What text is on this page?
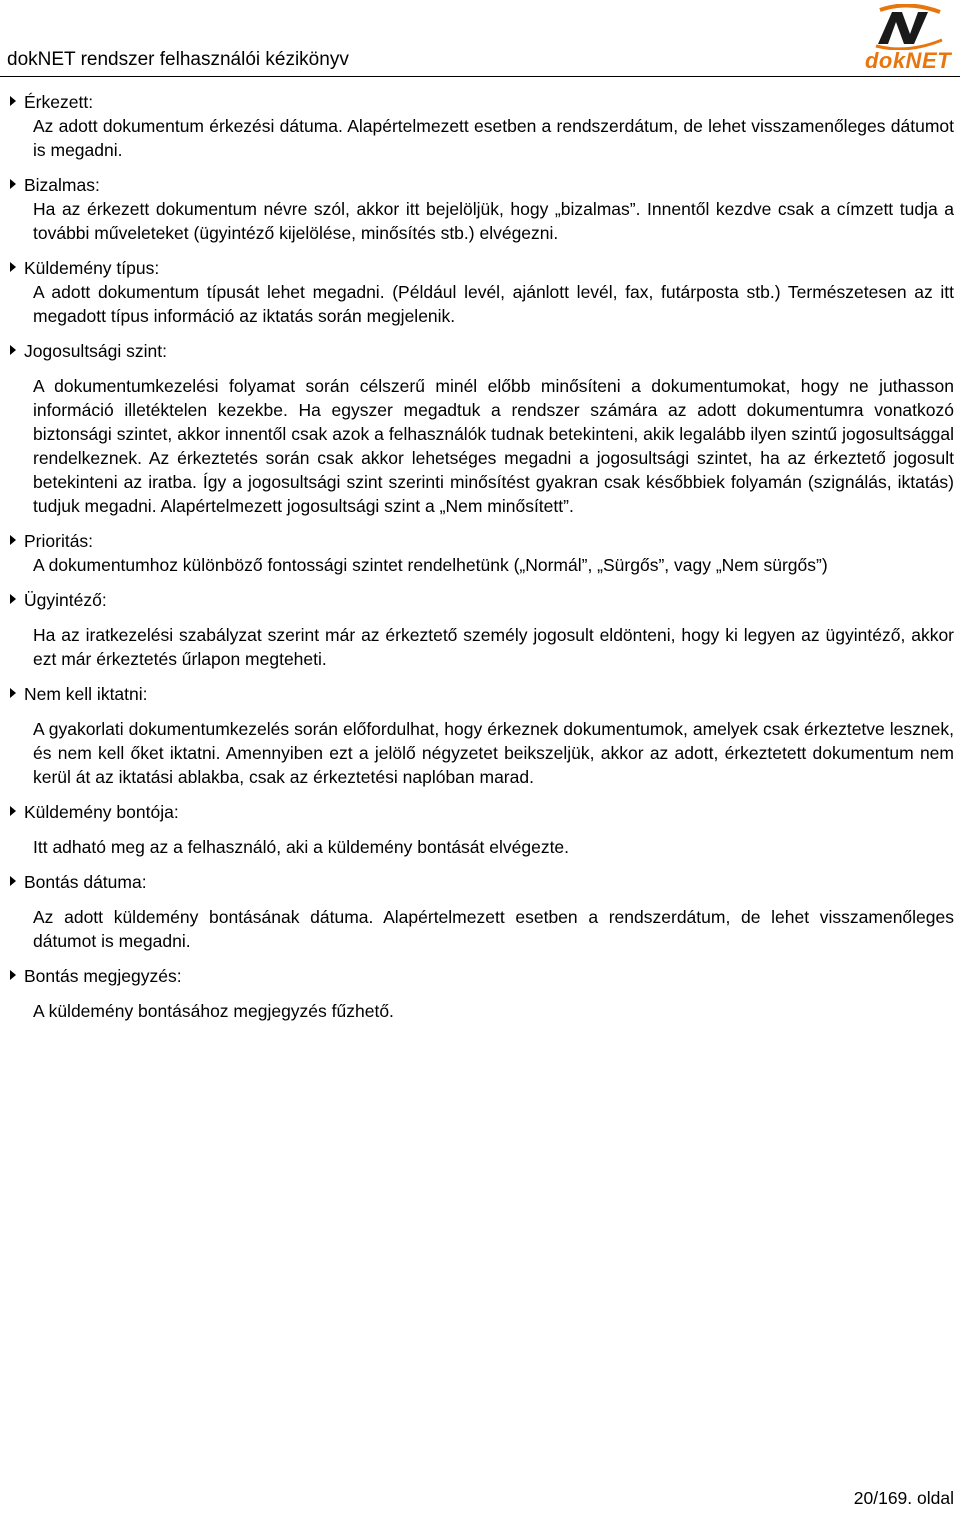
dokNET rendszer felhasználói kézikönyv	dokNET
Érkezett:
Az adott dokumentum érkezési dátuma. Alapértelmezett esetben a rendszerdátum, de lehet visszamenőleges dátumot is megadni.
Bizalmas:
Ha az érkezett dokumentum névre szól, akkor itt bejelöljük, hogy „bizalmas”. Innentől kezdve csak a címzett tudja a további műveleteket (ügyintéző kijelölése, minősítés stb.) elvégezni.
Küldemény típus:
A adott dokumentum típusát lehet megadni. (Például levél, ajánlott levél, fax, futárposta stb.) Természetesen az itt megadott típus információ az iktatás során megjelenik.
Jogosultsági szint:
A dokumentumkezelési folyamat során célszerű minél előbb minősíteni a dokumentumokat, hogy ne juthasson információ illetéktelen kezekbe. Ha egyszer megadtuk a rendszer számára az adott dokumentumra vonatkozó biztonsági szintet, akkor innentől csak azok a felhasználók tudnak betekinteni, akik legalább ilyen szintű jogosultsággal rendelkeznek. Az érkeztetés során csak akkor lehetséges megadni a jogosultsági szintet, ha az érkeztető jogosult betekinteni az iratba. Így a jogosultsági szint szerinti minősítést gyakran csak későbbiek folyamán (szignálás, iktatás) tudjuk megadni. Alapértelmezett jogosultsági szint a „Nem minősített”.
Prioritás:
A dokumentumhoz különböző fontossági szintet rendelhetünk („Normál”, „Sürgős”, vagy „Nem sürgős”)
Ügyintéző:
Ha az iratkezelési szabályzat szerint már az érkeztető személy jogosult eldönteni, hogy ki legyen az ügyintéző, akkor ezt már érkeztetés űrlapon megteheti.
Nem kell iktatni:
A gyakorlati dokumentumkezelés során előfordulhat, hogy érkeznek dokumentumok, amelyek csak érkeztetve lesznek, és nem kell őket iktatni. Amennyiben ezt a jelölő négyzetet beikszeljük, akkor az adott, érkeztetett dokumentum nem kerül át az iktatási ablakba, csak az érkeztetési naplóban marad.
Küldemény bontója:
Itt adható meg az a felhasználó, aki a küldemény bontását elvégezte.
Bontás dátuma:
Az adott küldemény bontásának dátuma. Alapértelmezett esetben a rendszerdátum, de lehet visszamenőleges dátumot is megadni.
Bontás megjegyzés:
A küldemény bontásához megjegyzés fűzhető.
20/169. oldal
